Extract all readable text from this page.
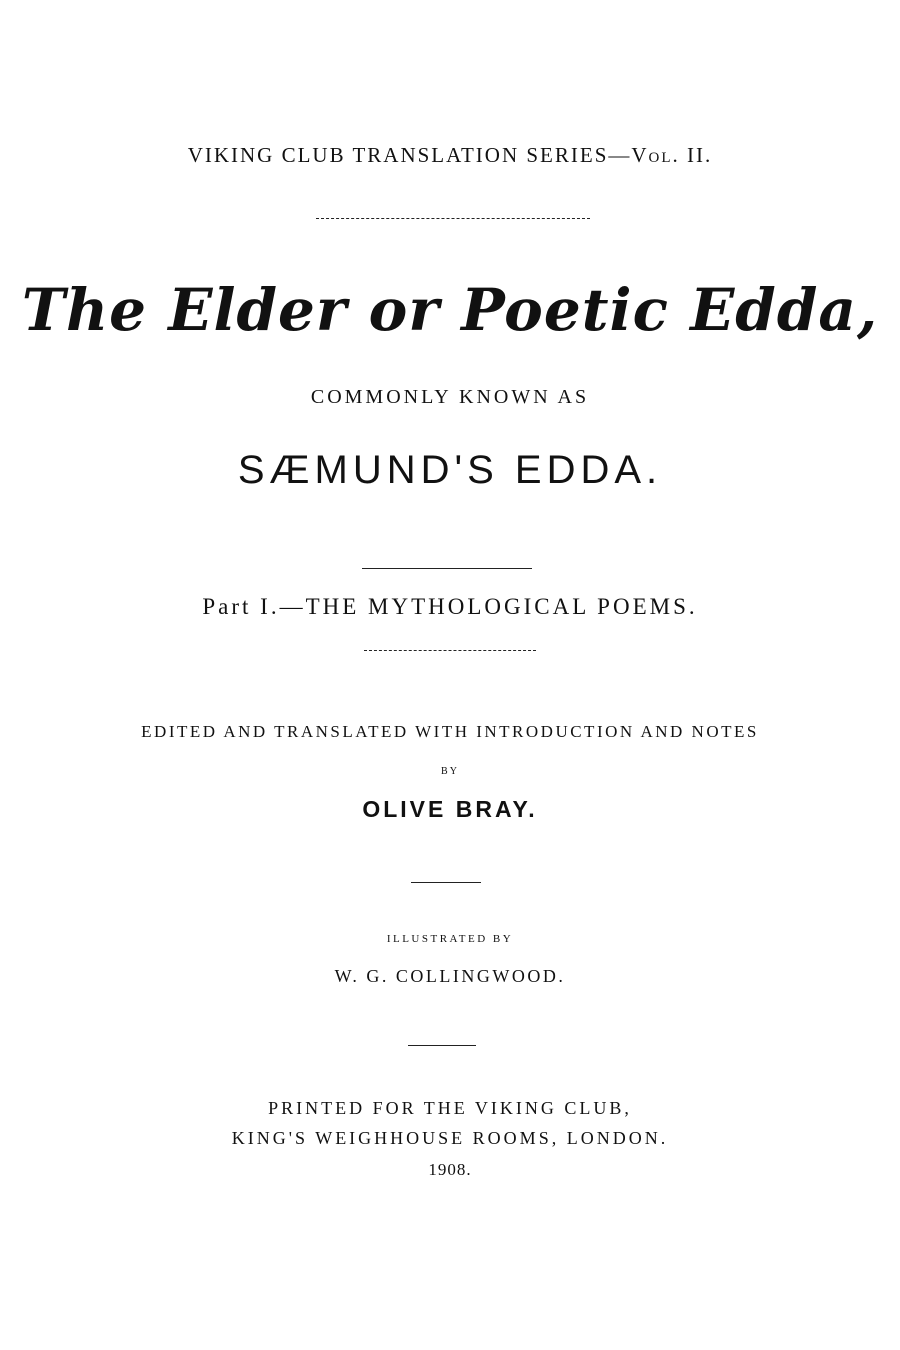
VIKING CLUB TRANSLATION SERIES—Vol. II.
The Elder or Poetic Edda,
COMMONLY KNOWN AS
SÆMUND'S EDDA.
Part I.—THE MYTHOLOGICAL POEMS.
EDITED AND TRANSLATED WITH INTRODUCTION AND NOTES
BY
OLIVE BRAY.
ILLUSTRATED BY
W. G. COLLINGWOOD.
PRINTED FOR THE VIKING CLUB,
KING'S WEIGHHOUSE ROOMS, LONDON.
1908.
